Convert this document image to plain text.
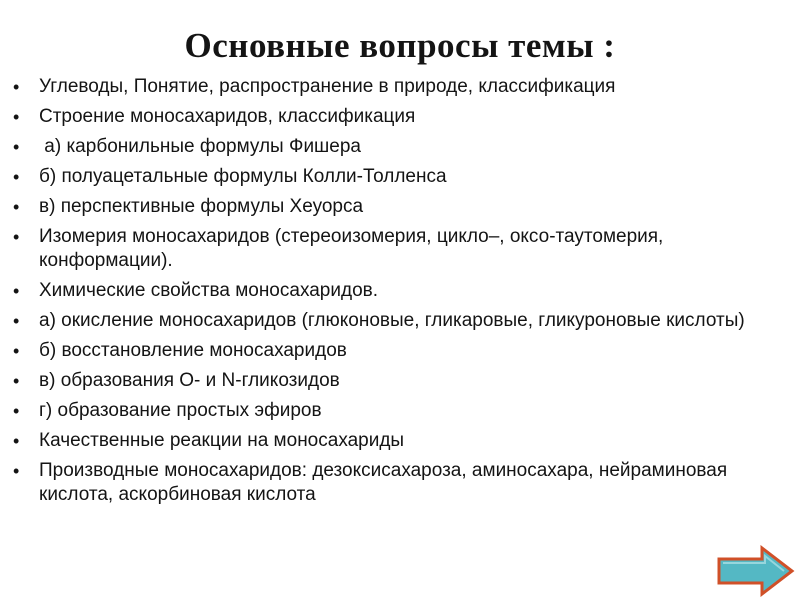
Основные вопросы темы :
• Углеводы, Понятие, распространение в природе, классификация
• Строение моносахаридов, классификация
• а) карбонильные формулы Фишера
• б) полуацетальные формулы Колли-Толленса
• в) перспективные формулы Хеуорса
• Изомерия моносахаридов (стереоизомерия, цикло–, оксо-таутомерия, конформации).
• Химические свойства моносахаридов.
• а) окисление моносахаридов (глюконовые, гликаровые, гликуроновые кислоты)
• б) восстановление моносахаридов
• в) образования О- и N-гликозидов
• г) образование простых эфиров
• Качественные реакции на моносахариды
• Производные моносахаридов: дезоксисахароза, аминосахара, нейраминовая кислота, аскорбиновая кислота
